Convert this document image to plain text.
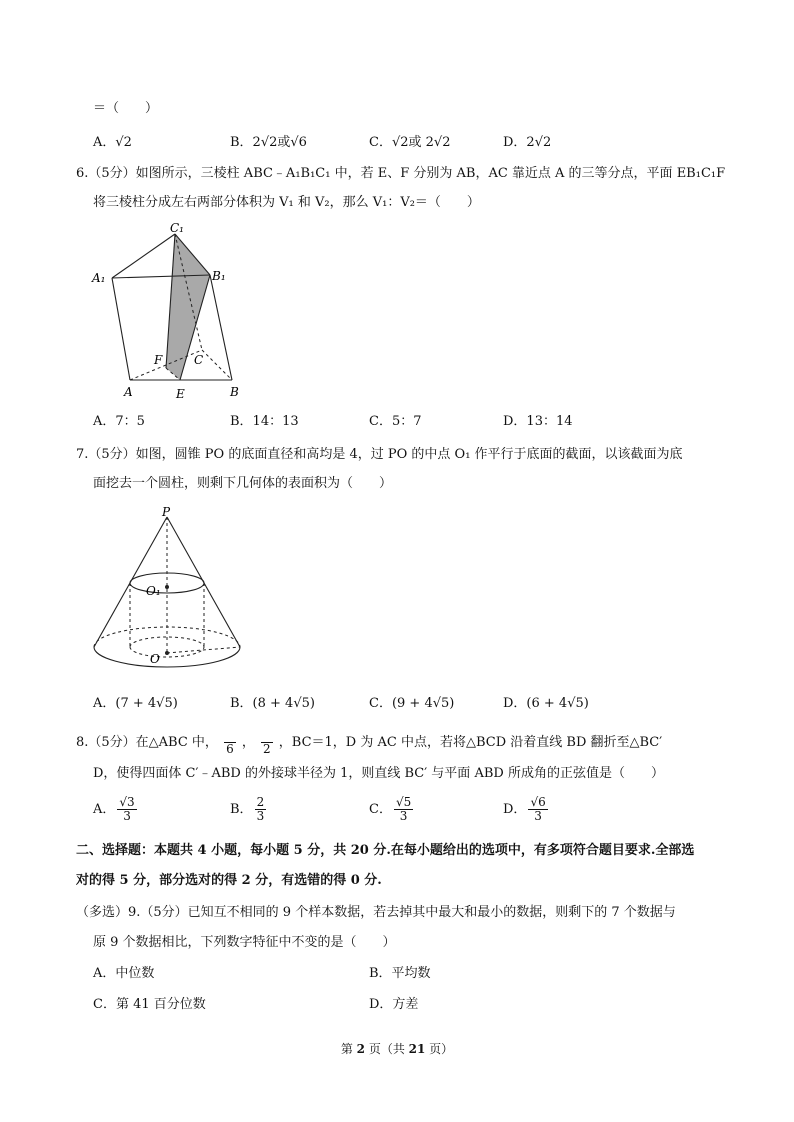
＝（　　）
A．√2	B．2√2或√6	C．√2或 2√2	D．2√2
6.（5分）如图所示，三棱柱 ABC﹣A₁B₁C₁ 中，若 E、F 分别为 AB，AC 靠近点 A 的三等分点，平面 EB₁C₁F
将三棱柱分成左右两部分体积为 V₁ 和 V₂，那么 V₁：V₂＝（　　）
C₁
A₁	B₁
F	C
A	E	B
A．7：5	B．14：13	C．5：7	D．13：14
7.（5分）如图，圆锥 PO 的底面直径和高均是 4，过 PO 的中点 O₁ 作平行于底面的截面，以该截面为底
面挖去一个圆柱，则剩下几何体的表面积为（　　）
P
O₁
O
A．(7 + 4√5)	B．(8 + 4√5)	C．(9 + 4√5)	D．(6 + 4√5)
8.（5分）在△ABC 中， 6 ， 2 ，BC＝1，D 为 AC 中点，若将△BCD 沿着直线 BD 翻折至△BC′
D，使得四面体 C′﹣ABD 的外接球半径为 1，则直线 BC′ 与平面 ABD 所成角的正弦值是（　　）
A． $\frac{√3}{3}$	B． $\frac{2}{3}$	C． $\frac{√5}{3}$	D． $\frac{√6}{3}$
二、选择题：本题共 4 小题，每小题 5 分，共 20 分.在每小题给出的选项中，有多项符合题目要求.全部选
对的得 5 分，部分选对的得 2 分，有选错的得 0 分.
（多选）9.（5分）已知互不相同的 9 个样本数据，若去掉其中最大和最小的数据，则剩下的 7 个数据与
原 9 个数据相比，下列数字特征中不变的是（　　）
A．中位数	B．平均数
C．第 41 百分位数	D．方差
第 2 页（共 21 页）
